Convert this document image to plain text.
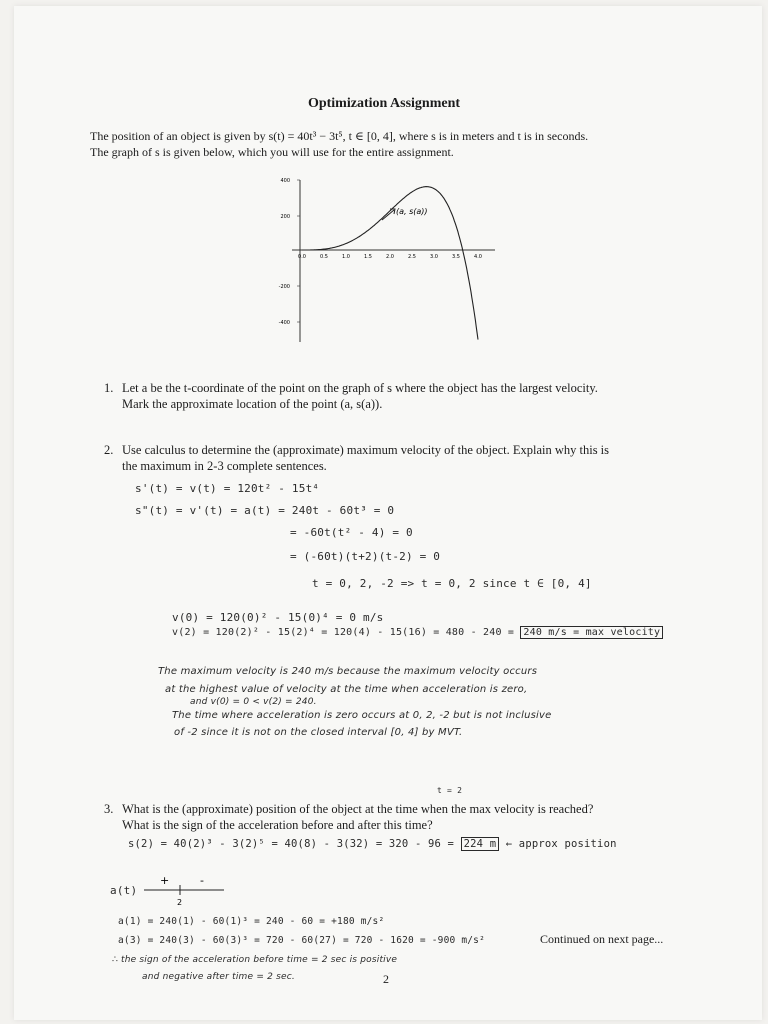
Optimization Assignment
The position of an object is given by s(t) = 40t³ − 3t⁵, t ∈ [0, 4], where s is in meters and t is in seconds.
The graph of s is given below, which you will use for the entire assignment.
400
200
-200
-400
0.0	0.5	1.0	1.5	2.0	2.5	3.0	3.5	4.0
(a, s(a))
1. Let a be the t-coordinate of the point on the graph of s where the object has the largest velocity.
Mark the approximate location of the point (a, s(a)).
2. Use calculus to determine the (approximate) maximum velocity of the object. Explain why this is
the maximum in 2-3 complete sentences.
s'(t) = v(t) = 120t² - 15t⁴
s"(t) = v'(t) = a(t) = 240t - 60t³ = 0
= -60t(t² - 4) = 0
= (-60t)(t+2)(t-2) = 0
t = 0, 2, -2 => t = 0, 2 since t ∈ [0, 4]
v(0) = 120(0)² - 15(0)⁴ = 0 m/s
v(2) = 120(2)² - 15(2)⁴ = 120(4) - 15(16) = 480 - 240 = 240 m/s = max velocity
The maximum velocity is 240 m/s because the maximum velocity occurs
at the highest value of velocity at the time when acceleration is zero,
and v(0) = 0 < v(2) = 240.
The time where acceleration is zero occurs at 0, 2, -2 but is not inclusive
of -2 since it is not on the closed interval [0, 4] by MVT.
t = 2
3. What is the (approximate) position of the object at the time when the max velocity is reached?
What is the sign of the acceleration before and after this time?
s(2) = 40(2)³ - 3(2)⁵ = 40(8) - 3(32) = 320 - 96 = 224 m ← approx position
a(t)
+	-
2
a(1) = 240(1) - 60(1)³ = 240 - 60 = +180 m/s²
a(3) = 240(3) - 60(3)³ = 720 - 60(27) = 720 - 1620 = -900 m/s²
∴ the sign of the acceleration before time = 2 sec is positive
and negative after time = 2 sec.
Continued on next page...
2
